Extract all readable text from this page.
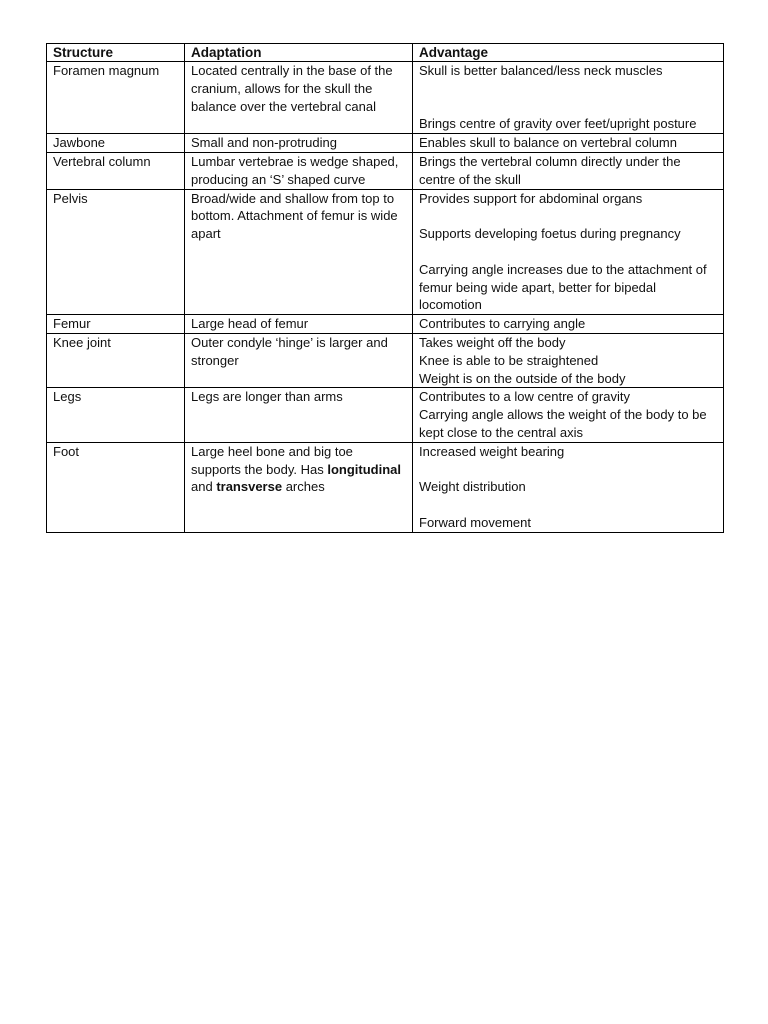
Structure	Adaptation	Advantage
Foramen magnum	Located centrally in the base of the cranium, allows for the skull the balance over the vertebral canal	Skull is better balanced/less neck muscles
Brings centre of gravity over feet/upright posture

Jawbone	Small and non-protruding	Enables skull to balance on vertebral column

Vertebral column	Lumbar vertebrae is wedge shaped, producing an ‘S’ shaped curve	Brings the vertebral column directly under the centre of the skull

Pelvis	Broad/wide and shallow from top to bottom. Attachment of femur is wide apart	Provides support for abdominal organs
Supports developing foetus during pregnancy
Carrying angle increases due to the attachment of femur being wide apart, better for bipedal locomotion

Femur	Large head of femur	Contributes to carrying angle

Knee joint	Outer condyle ‘hinge’ is larger and stronger	Takes weight off the body
Knee is able to be straightened
Weight is on the outside of the body

Legs	Legs are longer than arms	Contributes to a low centre of gravity
Carrying angle allows the weight of the body to be kept close to the central axis

Foot	Large heel bone and big toe supports the body. Has longitudinal and transverse arches	Increased weight bearing
Weight distribution
Forward movement
